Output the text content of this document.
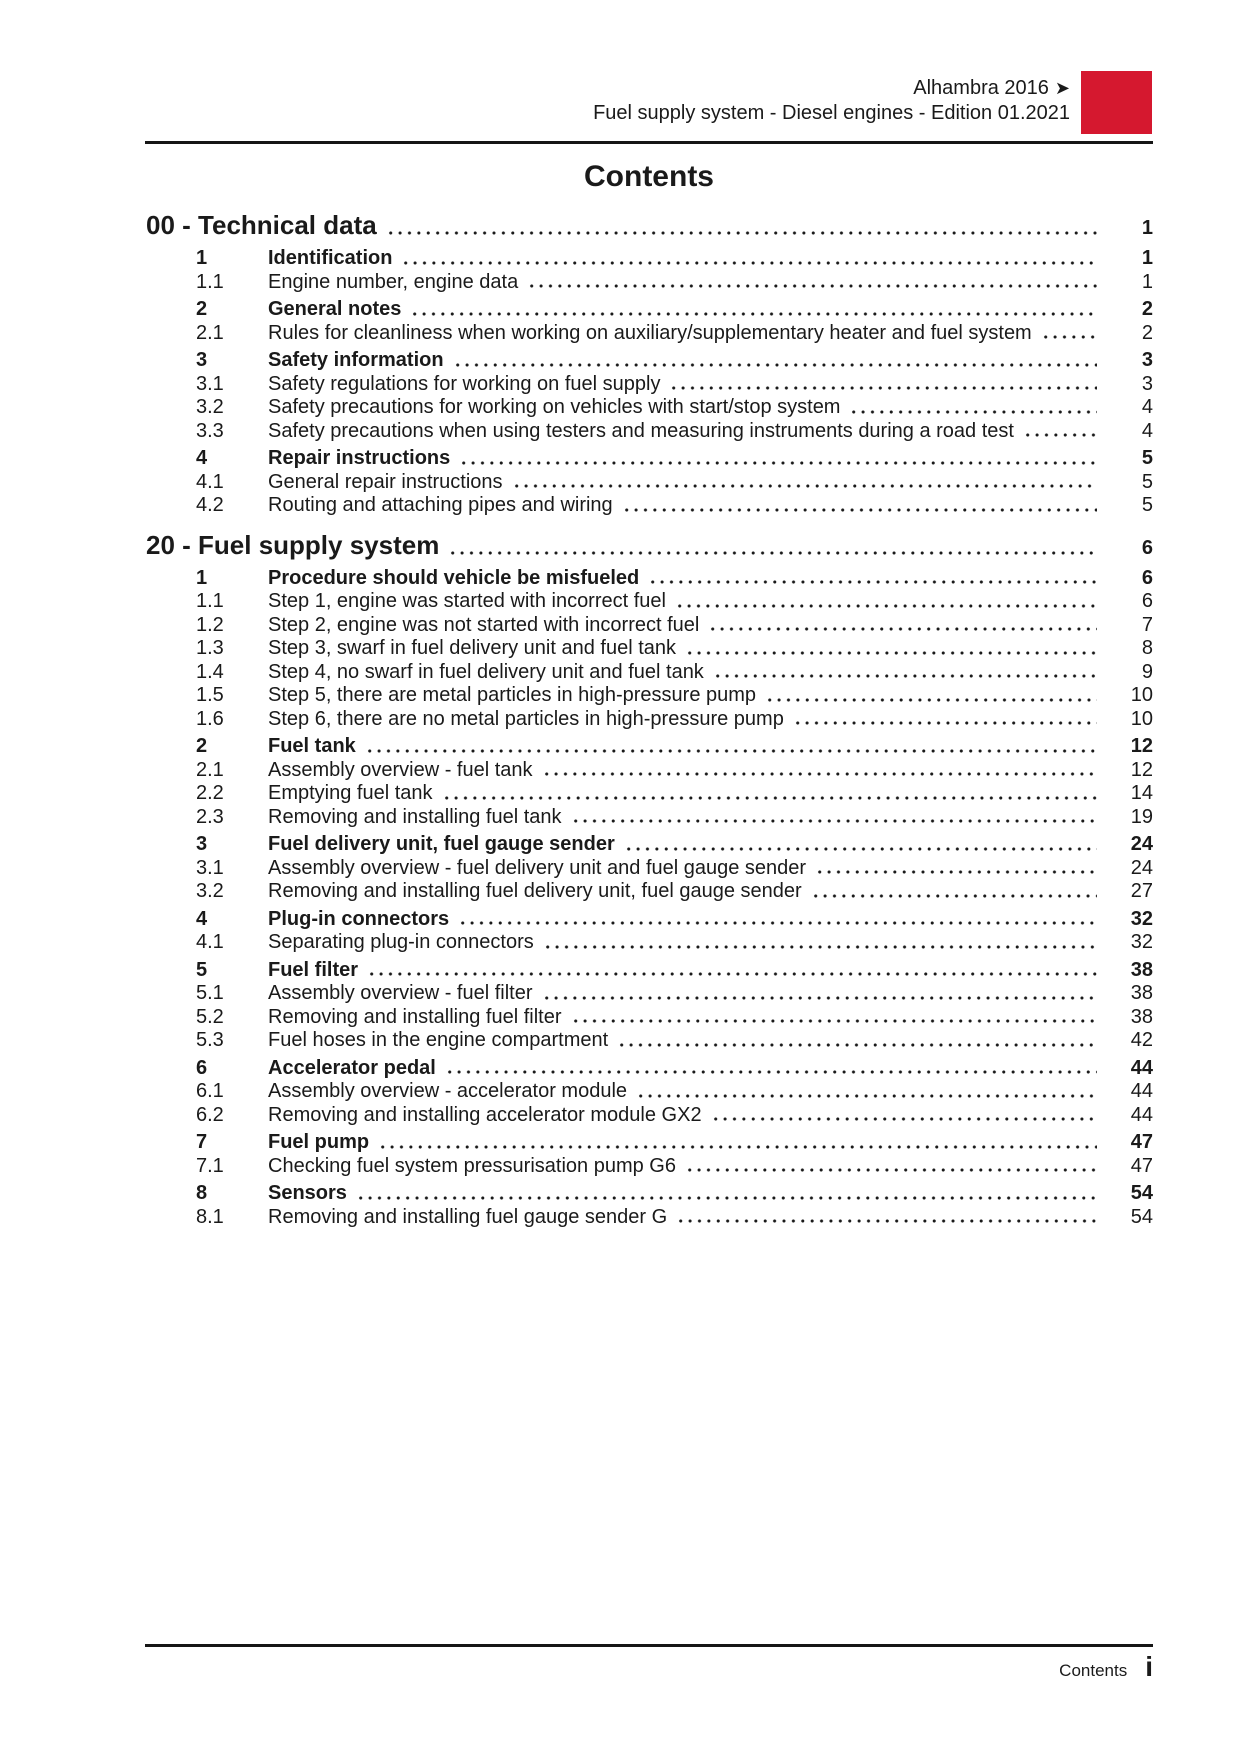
Alhambra 2016 ➤
Fuel supply system - Diesel engines - Edition 01.2021
Contents
00 - Technical data	1
1	Identification	1
1.1	Engine number, engine data	1
2	General notes	2
2.1	Rules for cleanliness when working on auxiliary/supplementary heater and fuel system	2
3	Safety information	3
3.1	Safety regulations for working on fuel supply	3
3.2	Safety precautions for working on vehicles with start/stop system	4
3.3	Safety precautions when using testers and measuring instruments during a road test	4
4	Repair instructions	5
4.1	General repair instructions	5
4.2	Routing and attaching pipes and wiring	5
20 - Fuel supply system	6
1	Procedure should vehicle be misfueled	6
1.1	Step 1, engine was started with incorrect fuel	6
1.2	Step 2, engine was not started with incorrect fuel	7
1.3	Step 3, swarf in fuel delivery unit and fuel tank	8
1.4	Step 4, no swarf in fuel delivery unit and fuel tank	9
1.5	Step 5, there are metal particles in high-pressure pump	10
1.6	Step 6, there are no metal particles in high-pressure pump	10
2	Fuel tank	12
2.1	Assembly overview - fuel tank	12
2.2	Emptying fuel tank	14
2.3	Removing and installing fuel tank	19
3	Fuel delivery unit, fuel gauge sender	24
3.1	Assembly overview - fuel delivery unit and fuel gauge sender	24
3.2	Removing and installing fuel delivery unit, fuel gauge sender	27
4	Plug-in connectors	32
4.1	Separating plug-in connectors	32
5	Fuel filter	38
5.1	Assembly overview - fuel filter	38
5.2	Removing and installing fuel filter	38
5.3	Fuel hoses in the engine compartment	42
6	Accelerator pedal	44
6.1	Assembly overview - accelerator module	44
6.2	Removing and installing accelerator module GX2	44
7	Fuel pump	47
7.1	Checking fuel system pressurisation pump G6	47
8	Sensors	54
8.1	Removing and installing fuel gauge sender G	54
Contents i
